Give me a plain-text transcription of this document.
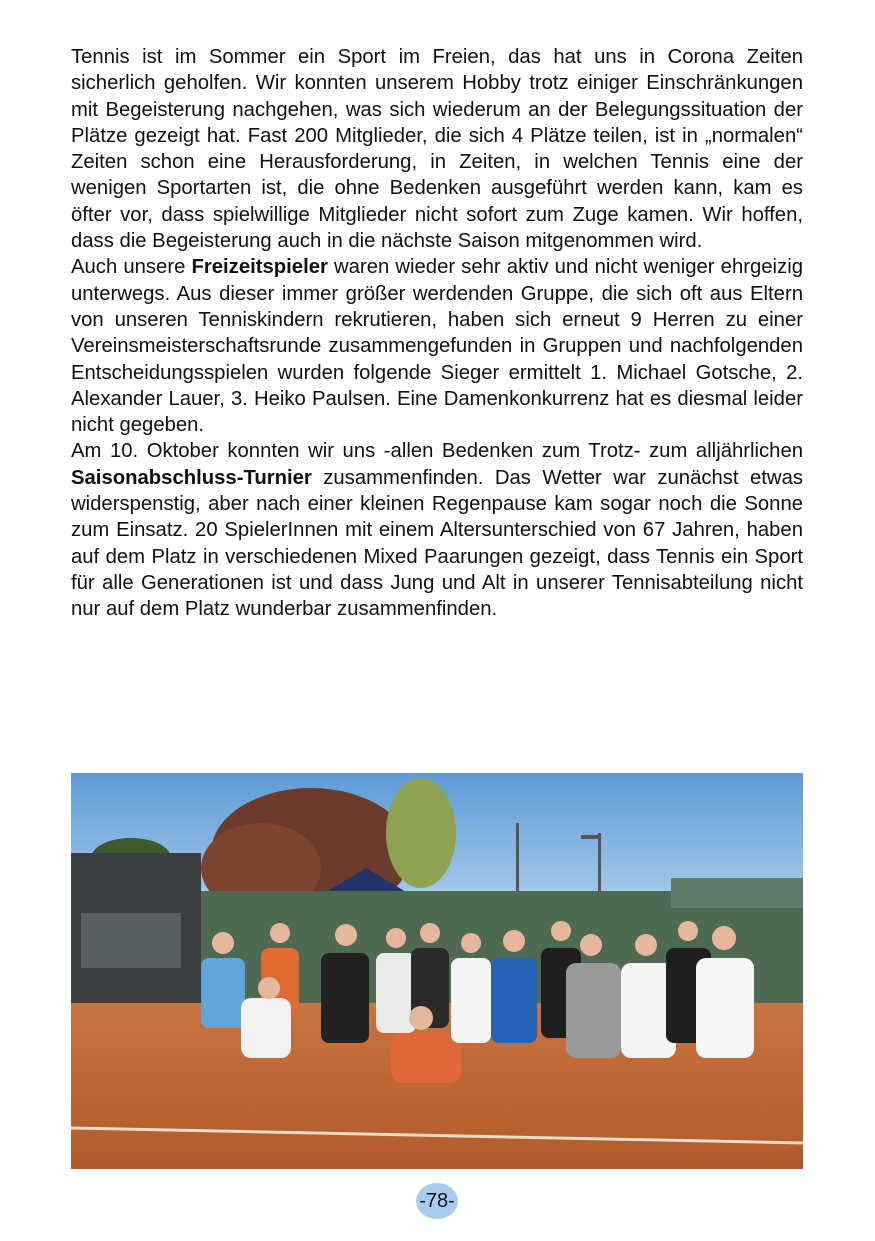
Tennis ist im Sommer ein Sport im Freien, das hat uns in Corona Zeiten sicherlich geholfen. Wir konnten unserem Hobby trotz einiger Einschränkungen mit Begeisterung nachgehen, was sich wiederum an der Belegungssituation der Plätze gezeigt hat. Fast 200 Mitglieder, die sich 4 Plätze teilen, ist in „normalen“ Zeiten schon eine Herausforderung, in Zeiten, in welchen Tennis eine der wenigen Sportarten ist, die ohne Bedenken ausgeführt werden kann, kam es öfter vor, dass spielwillige Mitglieder nicht sofort zum Zuge kamen. Wir hoffen, dass die Begeisterung auch in die nächste Saison mitgenommen wird.

Auch unsere Freizeitspieler waren wieder sehr aktiv und nicht weniger ehrgeizig unterwegs. Aus dieser immer größer werdenden Gruppe, die sich oft aus Eltern von unseren Tenniskindern rekrutieren, haben sich erneut 9 Herren zu einer Vereinsmeisterschaftsrunde zusammengefunden in Gruppen und nachfolgenden Entscheidungsspielen wurden folgende Sieger ermittelt 1. Michael Gotsche, 2. Alexander Lauer, 3. Heiko Paulsen. Eine Damenkonkurrenz hat es diesmal leider nicht gegeben.

Am 10. Oktober konnten wir uns -allen Bedenken zum Trotz- zum alljährlichen Saisonabschluss-Turnier zusammenfinden. Das Wetter war zunächst etwas widerspenstig, aber nach einer kleinen Regenpause kam sogar noch die Sonne zum Einsatz. 20 SpielerInnen mit einem Altersunterschied von 67 Jahren, haben auf dem Platz in verschiedenen Mixed Paarungen gezeigt, dass Tennis ein Sport für alle Generationen ist und dass Jung und Alt in unserer Tennisabteilung nicht nur auf dem Platz wunderbar zusammenfinden.

-78-
